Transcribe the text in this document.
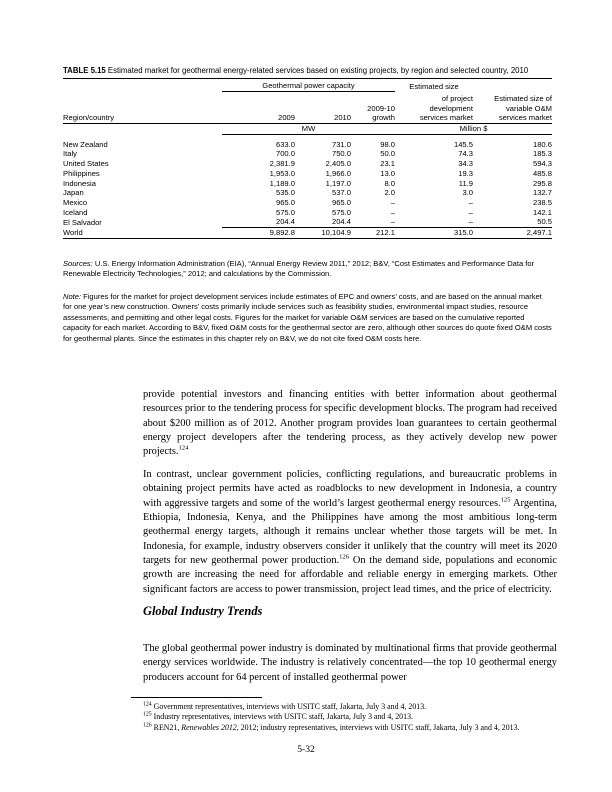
TABLE 5.15 Estimated market for geothermal energy-related services based on existing projects, by region and selected country, 2010

	Geothermal power capacity			Estimated size	

				of project	Estimated size of
			2009-10	development	variable O&M
Region/country	2009	2010	growth	services market	services market
	MW			Million $	

New Zealand	633.0	731.0	98.0	145.5	180.6
Italy	700.0	750.0	50.0	74.3	185.3
United States	2,381.9	2,405.0	23.1	34.3	594.3
Philippines	1,953.0	1,966.0	13.0	19.3	485.8
Indonesia	1,189.0	1,197.0	8.0	11.9	295.8
Japan	535.0	537.0	2.0	3.0	132.7
Mexico	965.0	965.0	–	–	238.5
Iceland	575.0	575.0	–	–	142.1
El Salvador	204.4	204.4	–	–	50.5
World	9,892.8	10,104.9	212.1	315.0	2,497.1
Sources: U.S. Energy Information Administration (EIA), “Annual Energy Review 2011,” 2012; B&V, “Cost Estimates and Performance Data for Renewable Electricity Technologies,” 2012; and calculations by the Commission.
Note: Figures for the market for project development services include estimates of EPC and owners’ costs, and are based on the annual market for one year’s new construction. Owners’ costs primarily include services such as feasibility studies, environmental impact studies, resource assessments, and permitting and other legal costs. Figures for the market for variable O&M services are based on the cumulative reported capacity for each market. According to B&V, fixed O&M costs for the geothermal sector are zero, although other sources do quote fixed O&M costs for geothermal plants. Since the estimates in this chapter rely on B&V, we do not cite fixed O&M costs here.

provide potential investors and financing entities with better information about geothermal resources prior to the tendering process for specific development blocks. The program had received about $200 million as of 2012. Another program provides loan guarantees to certain geothermal energy project developers after the tendering process, as they actively develop new power projects.$^{124}$

In contrast, unclear government policies, conflicting regulations, and bureaucratic problems in obtaining project permits have acted as roadblocks to new development in Indonesia, a country with aggressive targets and some of the world’s largest geothermal energy resources.$^{125}$ Argentina, Ethiopia, Indonesia, Kenya, and the Philippines have among the most ambitious long-term geothermal energy targets, although it remains unclear whether those targets will be met. In Indonesia, for example, industry observers consider it unlikely that the country will meet its 2020 targets for new geothermal power production.$^{126}$ On the demand side, populations and economic growth are increasing the need for affordable and reliable energy in emerging markets. Other significant factors are access to power transmission, project lead times, and the price of electricity.

Global Industry Trends

The global geothermal power industry is dominated by multinational firms that provide geothermal energy services worldwide. The industry is relatively concentrated—the top 10 geothermal energy producers account for 64 percent of installed geothermal power

$^{124}$ Government representatives, interviews with USITC staff, Jakarta, July 3 and 4, 2013.

$^{125}$ Industry representatives, interviews with USITC staff, Jakarta, July 3 and 4, 2013.

$^{126}$ REN21, Renewables 2012, 2012; industry representatives, interviews with USITC staff, Jakarta, July 3 and 4, 2013.

5-32
